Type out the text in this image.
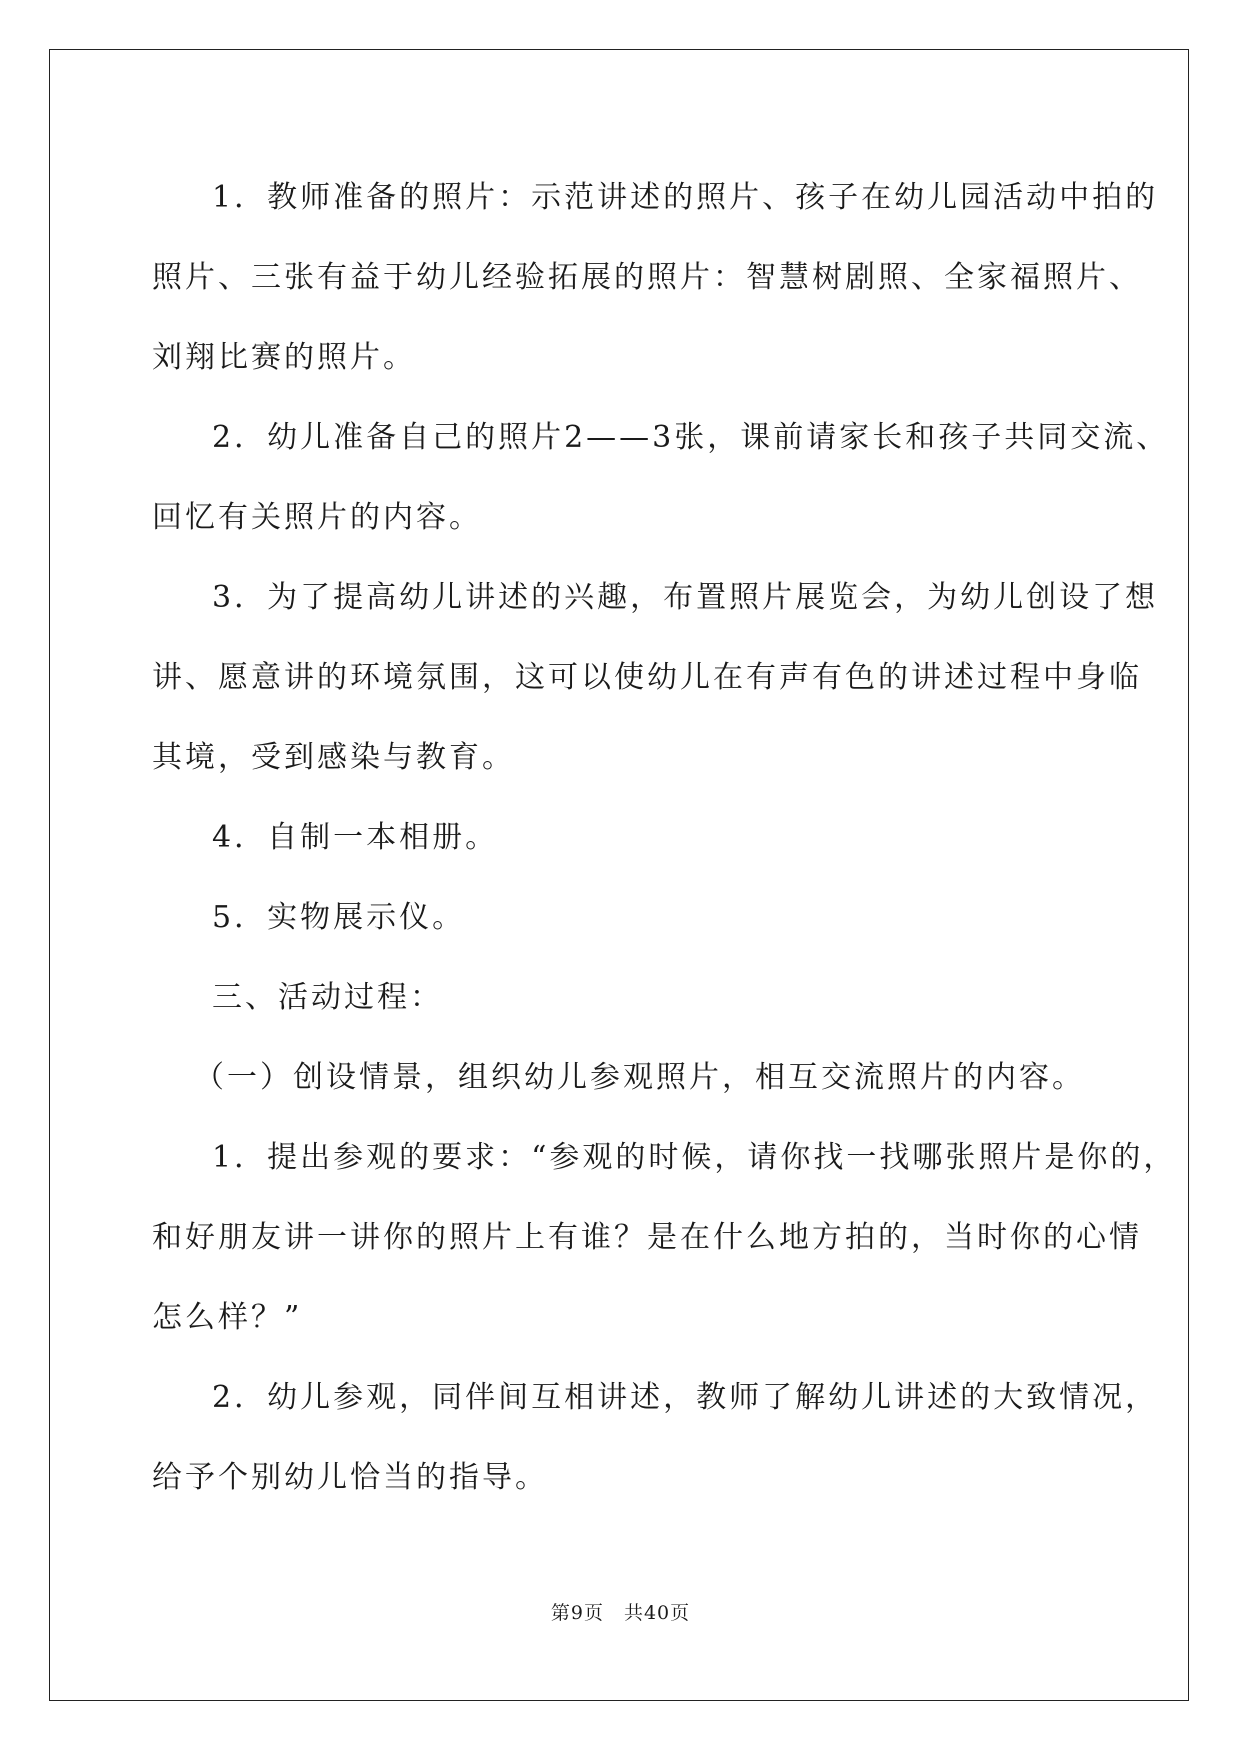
1．教师准备的照片：示范讲述的照片、孩子在幼儿园活动中拍的
照片、三张有益于幼儿经验拓展的照片：智慧树剧照、全家福照片、
刘翔比赛的照片。

2．幼儿准备自己的照片2——3张，课前请家长和孩子共同交流、
回忆有关照片的内容。

3．为了提高幼儿讲述的兴趣，布置照片展览会，为幼儿创设了想
讲、愿意讲的环境氛围，这可以使幼儿在有声有色的讲述过程中身临
其境，受到感染与教育。

4．自制一本相册。

5．实物展示仪。

三、活动过程：

（一）创设情景，组织幼儿参观照片，相互交流照片的内容。

1．提出参观的要求：“参观的时候，请你找一找哪张照片是你的，
和好朋友讲一讲你的照片上有谁？是在什么地方拍的，当时你的心情
怎么样？”

2．幼儿参观，同伴间互相讲述，教师了解幼儿讲述的大致情况，
给予个别幼儿恰当的指导。

第9页　共40页
